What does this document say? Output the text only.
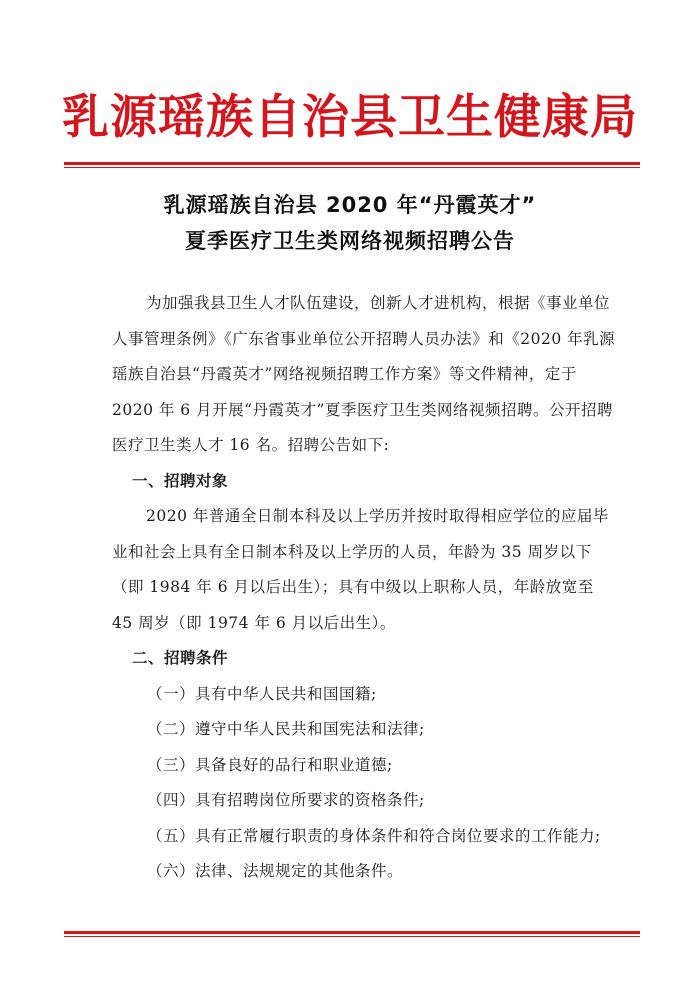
乳源瑶族自治县卫生健康局
乳源瑶族自治县 2020 年“丹霞英才”
夏季医疗卫生类网络视频招聘公告

为加强我县卫生人才队伍建设，创新人才进机构，根据《事业单位人事管理条例》《广东省事业单位公开招聘人员办法》和《2020 年乳源瑶族自治县“丹霞英才”网络视频招聘工作方案》等文件精神，定于 2020 年 6 月开展“丹霞英才”夏季医疗卫生类网络视频招聘。公开招聘医疗卫生类人才 16 名。招聘公告如下:

一、招聘对象

2020 年普通全日制本科及以上学历并按时取得相应学位的应届毕业和社会上具有全日制本科及以上学历的人员，年龄为 35 周岁以下（即 1984 年 6 月以后出生）；具有中级以上职称人员，年龄放宽至 45 周岁（即 1974 年 6 月以后出生）。

二、招聘条件

（一）具有中华人民共和国国籍;

（二）遵守中华人民共和国宪法和法律;

（三）具备良好的品行和职业道德;

（四）具有招聘岗位所要求的资格条件;

（五）具有正常履行职责的身体条件和符合岗位要求的工作能力;

（六）法律、法规规定的其他条件。
